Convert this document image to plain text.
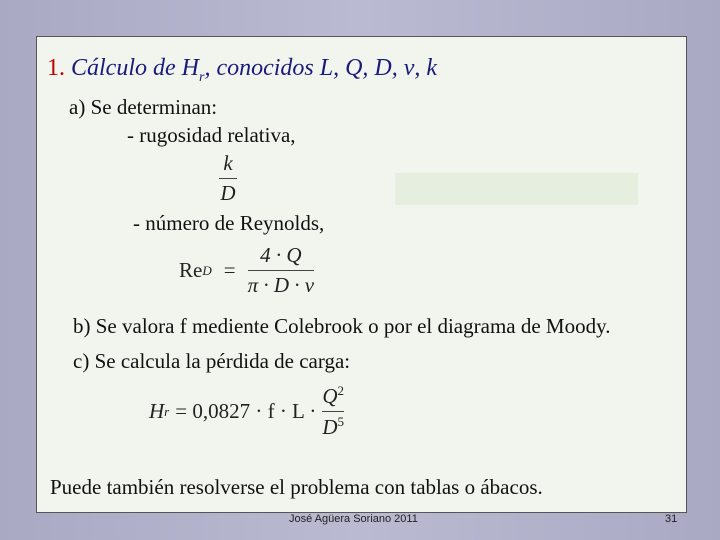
1. Cálculo de $H_r$, conocidos L, Q, D, ν, k
a) Se determinan:
- rugosidad relativa,
$\frac{k}{D}$
- número de Reynolds,
Re $D = \frac{4 \cdot Q}{\pi \cdot D \cdot \nu}$
b) Se valora f mediente Colebrook o por el diagrama de Moody.
c) Se calcula la pérdida de carga:
H $r = 0,0827 \cdot f \cdot L \cdot \frac{Q^2}{D^5}$
Puede también resolverse el problema con tablas o ábacos.
José Agüera Soriano 2011	31
